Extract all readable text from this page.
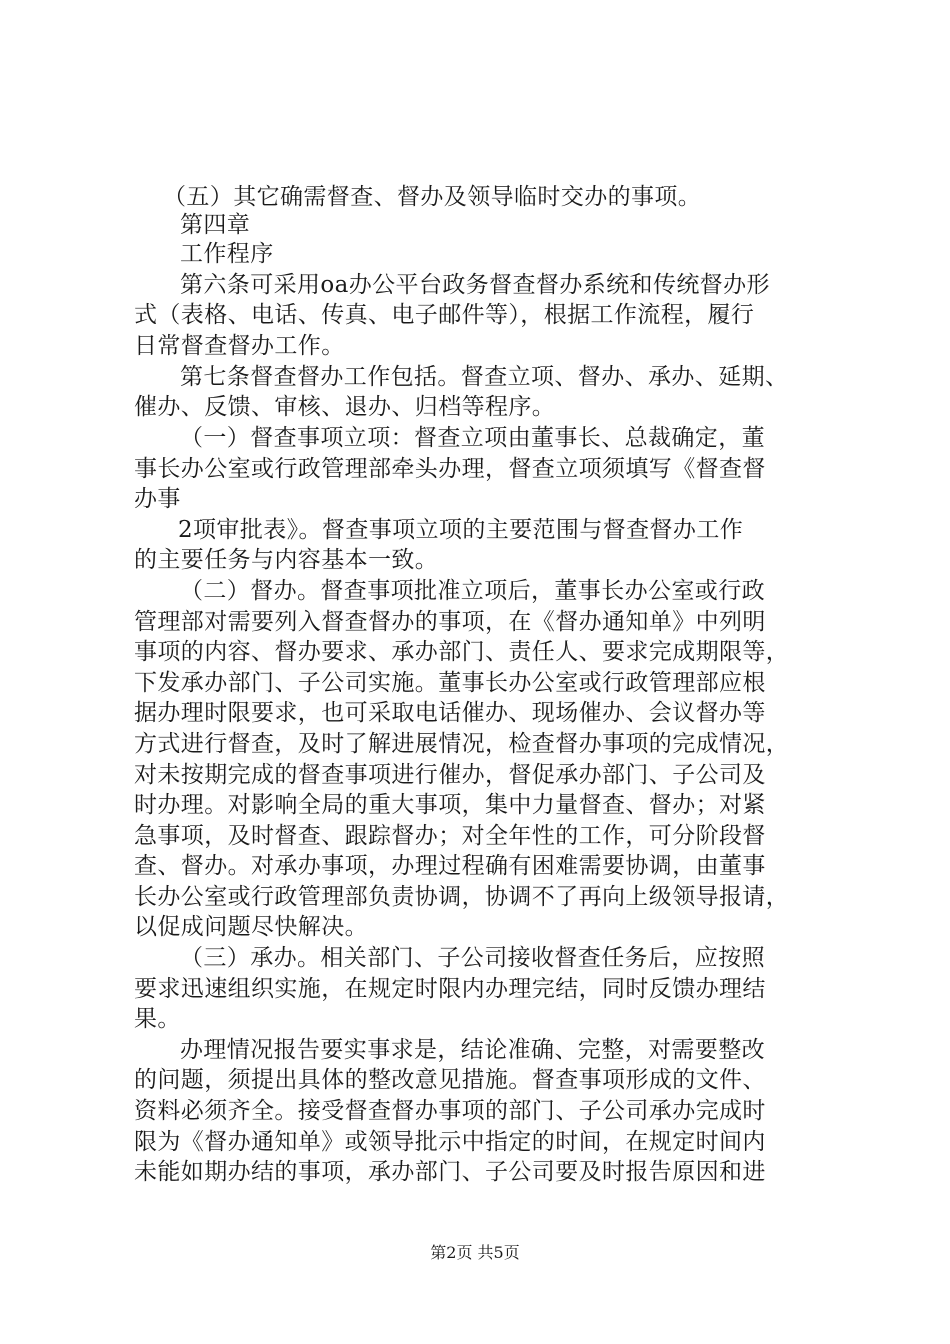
（五）其它确需督查、督办及领导临时交办的事项。
第四章
工作程序
第六条可采用oa办公平台政务督查督办系统和传统督办形
式（表格、电话、传真、电子邮件等），根据工作流程，履行
日常督查督办工作。
第七条督查督办工作包括。督查立项、督办、承办、延期、
催办、反馈、审核、退办、归档等程序。
（一）督查事项立项：督查立项由董事长、总裁确定，董
事长办公室或行政管理部牵头办理，督查立项须填写《督查督
办事
2项审批表》。督查事项立项的主要范围与督查督办工作
的主要任务与内容基本一致。
（二）督办。督查事项批准立项后，董事长办公室或行政
管理部对需要列入督查督办的事项，在《督办通知单》中列明
事项的内容、督办要求、承办部门、责任人、要求完成期限等，
下发承办部门、子公司实施。董事长办公室或行政管理部应根
据办理时限要求，也可采取电话催办、现场催办、会议督办等
方式进行督查，及时了解进展情况，检查督办事项的完成情况，
对未按期完成的督查事项进行催办，督促承办部门、子公司及
时办理。对影响全局的重大事项，集中力量督查、督办；对紧
急事项，及时督查、跟踪督办；对全年性的工作，可分阶段督
查、督办。对承办事项，办理过程确有困难需要协调，由董事
长办公室或行政管理部负责协调，协调不了再向上级领导报请，
以促成问题尽快解决。
（三）承办。相关部门、子公司接收督查任务后，应按照
要求迅速组织实施，在规定时限内办理完结，同时反馈办理结
果。
办理情况报告要实事求是，结论准确、完整，对需要整改
的问题，须提出具体的整改意见措施。督查事项形成的文件、
资料必须齐全。接受督查督办事项的部门、子公司承办完成时
限为《督办通知单》或领导批示中指定的时间，在规定时间内
未能如期办结的事项，承办部门、子公司要及时报告原因和进
第2页 共5页
